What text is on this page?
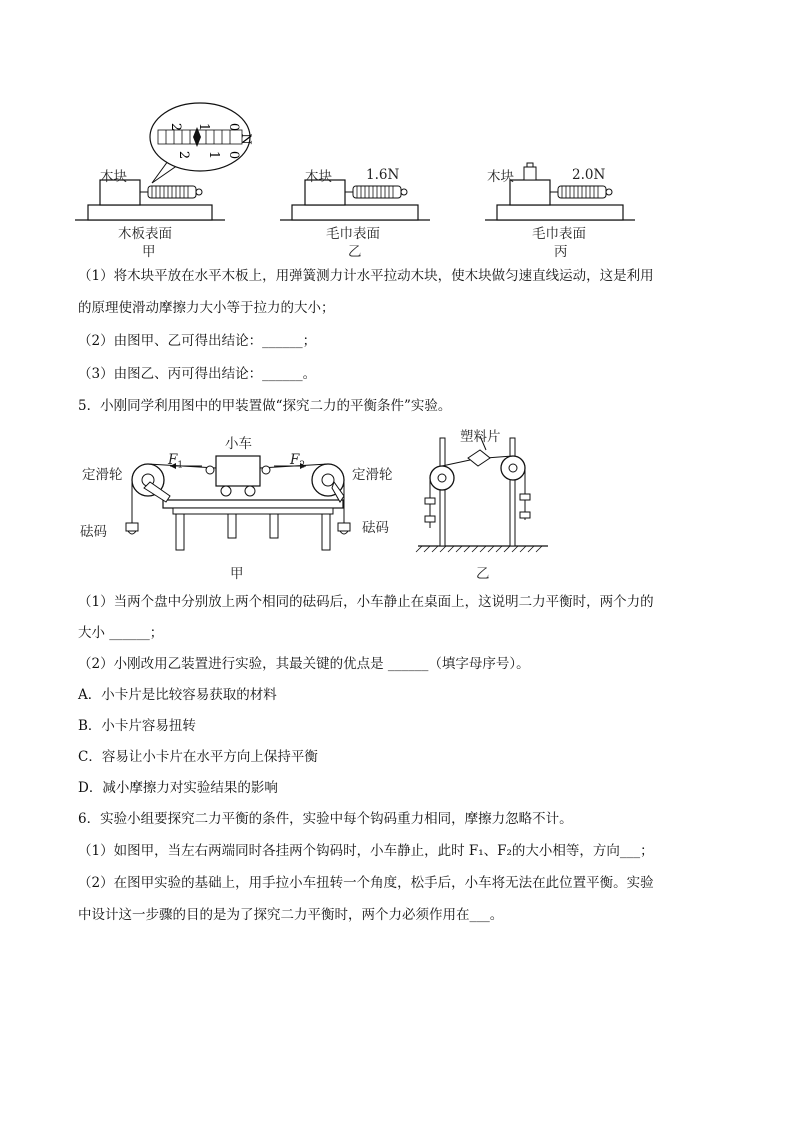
0
1
2
0
1
2
N
木块
木板表面
甲
木块	1.6N
毛巾表面
乙
木块	2.0N
毛巾表面
丙
（1）将木块平放在水平木板上，用弹簧测力计水平拉动木块，使木块做匀速直线运动，这是利用
的原理使滑动摩擦力大小等于拉力的大小；
（2）由图甲、乙可得出结论：______；
（3）由图乙、丙可得出结论：______。
5．小刚同学利用图中的甲装置做“探究二力的平衡条件”实验。
小车
$F_1$	$F_2$
定滑轮	定滑轮
砝码	砝码
甲
塑料片
乙
（1）当两个盘中分别放上两个相同的砝码后，小车静止在桌面上，这说明二力平衡时，两个力的
大小 ______；
（2）小刚改用乙装置进行实验，其最关键的优点是 ______（填字母序号）。
A．小卡片是比较容易获取的材料
B．小卡片容易扭转
C．容易让小卡片在水平方向上保持平衡
D．减小摩擦力对实验结果的影响
6．实验小组要探究二力平衡的条件，实验中每个钩码重力相同，摩擦力忽略不计。
（1）如图甲，当左右两端同时各挂两个钩码时，小车静止，此时 F₁、F₂的大小相等，方向___；
（2）在图甲实验的基础上，用手拉小车扭转一个角度，松手后，小车将无法在此位置平衡。实验
中设计这一步骤的目的是为了探究二力平衡时，两个力必须作用在___。
